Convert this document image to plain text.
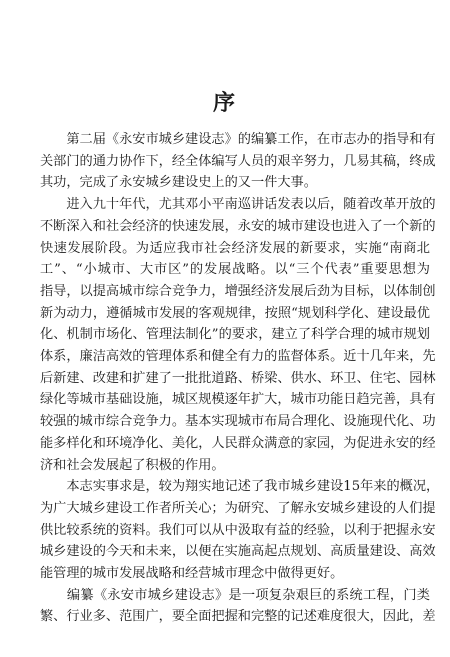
序

　　第二届《永安市城乡建设志》的编纂工作，在市志办的指导和有
关部门的通力协作下，经全体编写人员的艰辛努力，几易其稿，终成
其功，完成了永安城乡建设史上的又一件大事。

　　进入九十年代，尤其邓小平南巡讲话发表以后，随着改革开放的
不断深入和社会经济的快速发展，永安的城市建设也进入了一个新的
快速发展阶段。为适应我市社会经济发展的新要求，实施“南商北
工”、“小城市、大市区”的发展战略。以“三个代表”重要思想为
指导，以提高城市综合竞争力，增强经济发展后劲为目标，以体制创
新为动力，遵循城市发展的客观规律，按照“规划科学化、建设最优
化、机制市场化、管理法制化”的要求，建立了科学合理的城市规划
体系，廉洁高效的管理体系和健全有力的监督体系。近十几年来，先
后新建、改建和扩建了一批批道路、桥梁、供水、环卫、住宅、园林
绿化等城市基础设施，城区规模逐年扩大，城市功能日趋完善，具有
较强的城市综合竞争力。基本实现城市布局合理化、设施现代化、功
能多样化和环境净化、美化，人民群众满意的家园，为促进永安的经
济和社会发展起了积极的作用。

　　本志实事求是，较为翔实地记述了我市城乡建设15年来的概况，
为广大城乡建设工作者所关心；为研究、了解永安城乡建设的人们提
供比较系统的资料。我们可以从中汲取有益的经验，以利于把握永安
城乡建设的今天和未来，以便在实施高起点规划、高质量建设、高效
能管理的城市发展战略和经营城市理念中做得更好。

　　编纂《永安市城乡建设志》是一项复杂艰巨的系统工程，门类
繁、行业多、范围广，要全面把握和完整的记述难度很大，因此，差
